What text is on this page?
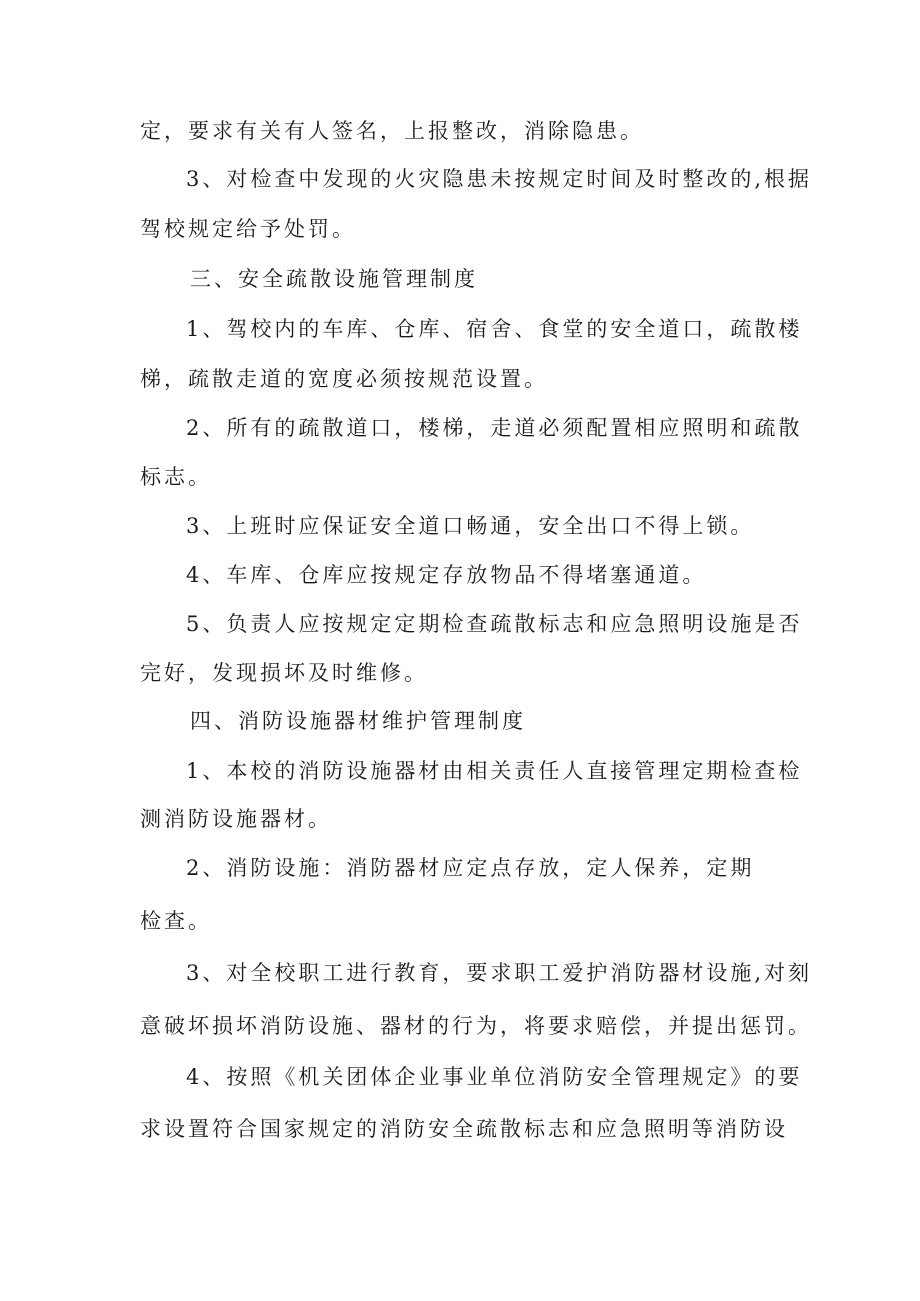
定，要求有关有人签名，上报整改，消除隐患。
3、对检查中发现的火灾隐患未按规定时间及时整改的,根据
驾校规定给予处罚。
三、安全疏散设施管理制度
1、驾校内的车库、仓库、宿舍、食堂的安全道口，疏散楼
梯，疏散走道的宽度必须按规范设置。
2、所有的疏散道口，楼梯，走道必须配置相应照明和疏散
标志。
3、上班时应保证安全道口畅通，安全出口不得上锁。
4、车库、仓库应按规定存放物品不得堵塞通道。
5、负责人应按规定定期检查疏散标志和应急照明设施是否
完好，发现损坏及时维修。
四、消防设施器材维护管理制度
1、本校的消防设施器材由相关责任人直接管理定期检查检
测消防设施器材。
2、消防设施：消防器材应定点存放，定人保养，定期
检查。
3、对全校职工进行教育，要求职工爱护消防器材设施,对刻
意破坏损坏消防设施、器材的行为，将要求赔偿，并提出惩罚。
4、按照《机关团体企业事业单位消防安全管理规定》的要
求设置符合国家规定的消防安全疏散标志和应急照明等消防设
